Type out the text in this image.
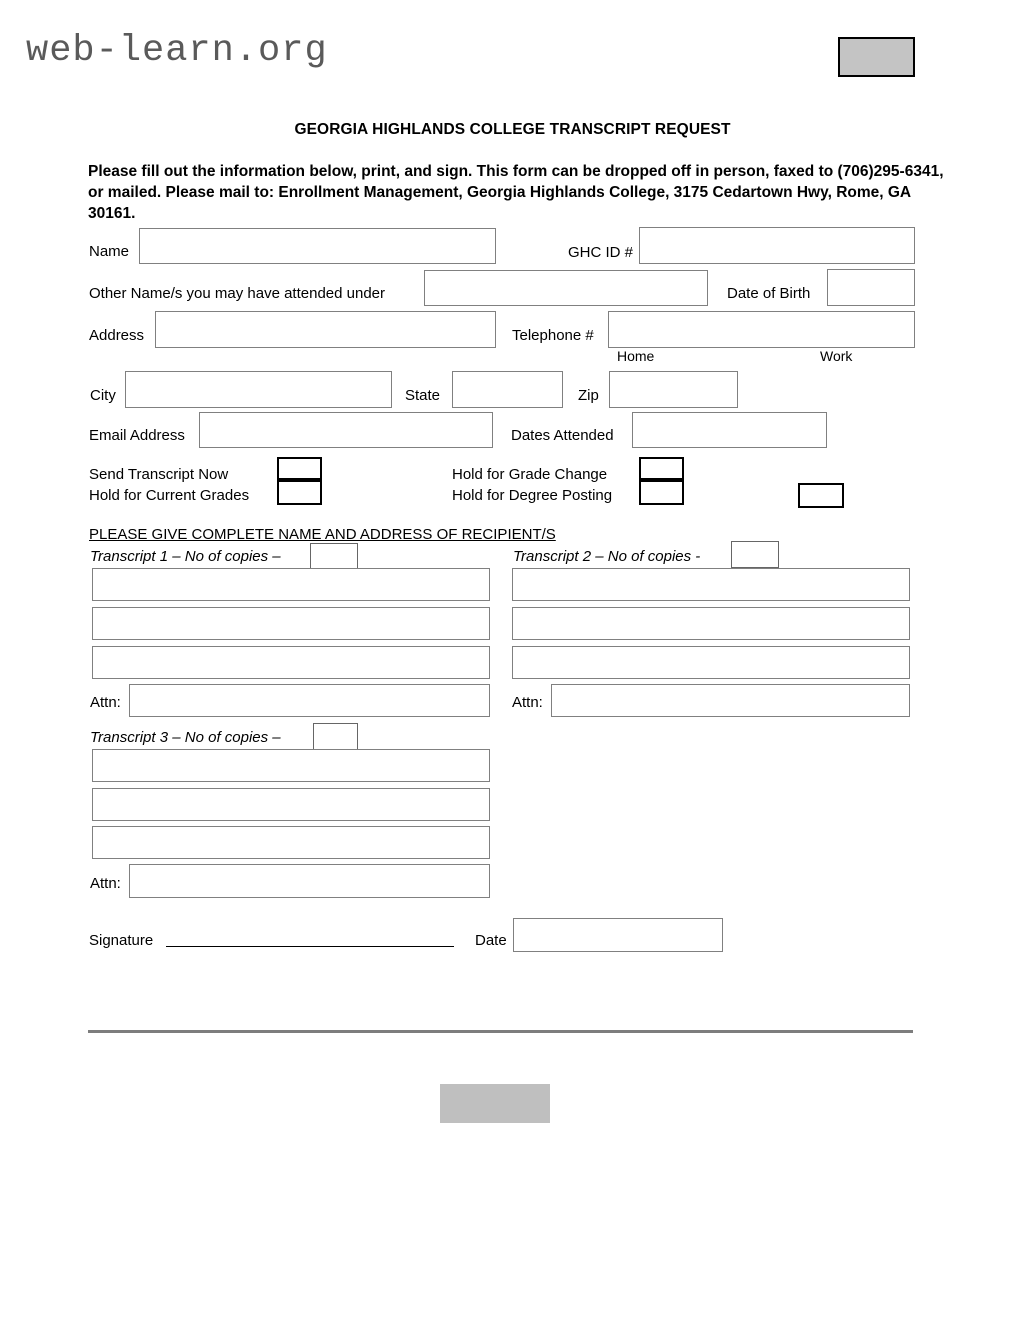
web-learn.org
GEORGIA HIGHLANDS COLLEGE TRANSCRIPT REQUEST
Please fill out the information below, print, and sign. This form can be dropped off in person, faxed to (706)295-6341, or mailed. Please mail to: Enrollment Management, Georgia Highlands College, 3175 Cedartown Hwy, Rome, GA 30161.
Name	GHC ID #
Other Name/s you may have attended under	Date of Birth
Address	Telephone #
Home	Work
City	State	Zip
Email Address	Dates Attended
Send Transcript Now
Hold for Current Grades
Hold for Grade Change
Hold for Degree Posting
PLEASE GIVE COMPLETE NAME AND ADDRESS OF RECIPIENT/S
Transcript 1 – No of copies –
Attn:
Transcript 2 – No of copies -
Attn:
Transcript 3 – No of copies –
Attn:
Signature	Date
